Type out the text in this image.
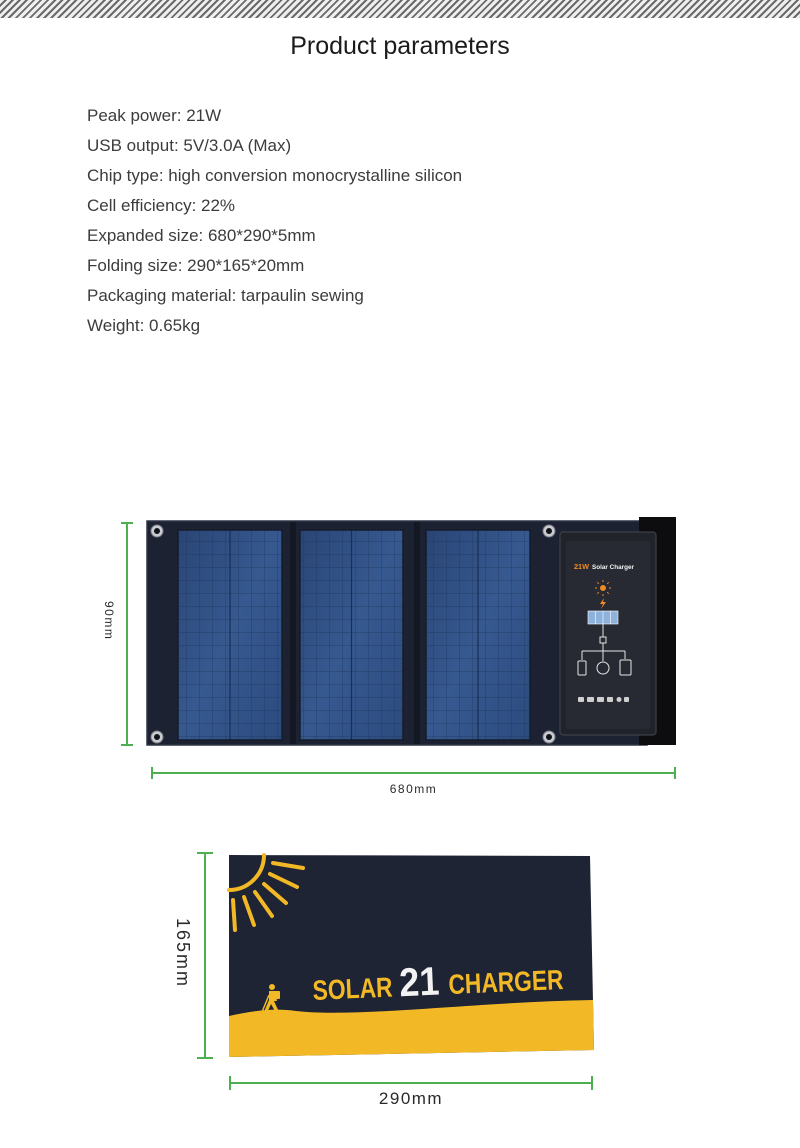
Product parameters
Peak power: 21W
USB output: 5V/3.0A (Max)
Chip type: high conversion monocrystalline silicon
Cell efficiency: 22%
Expanded size: 680*290*5mm
Folding size: 290*165*20mm
Packaging material: tarpaulin sewing
Weight: 0.65kg
90mm
680mm
21W Solar Charger
165mm
290mm
SOLAR
21 CHARGER
